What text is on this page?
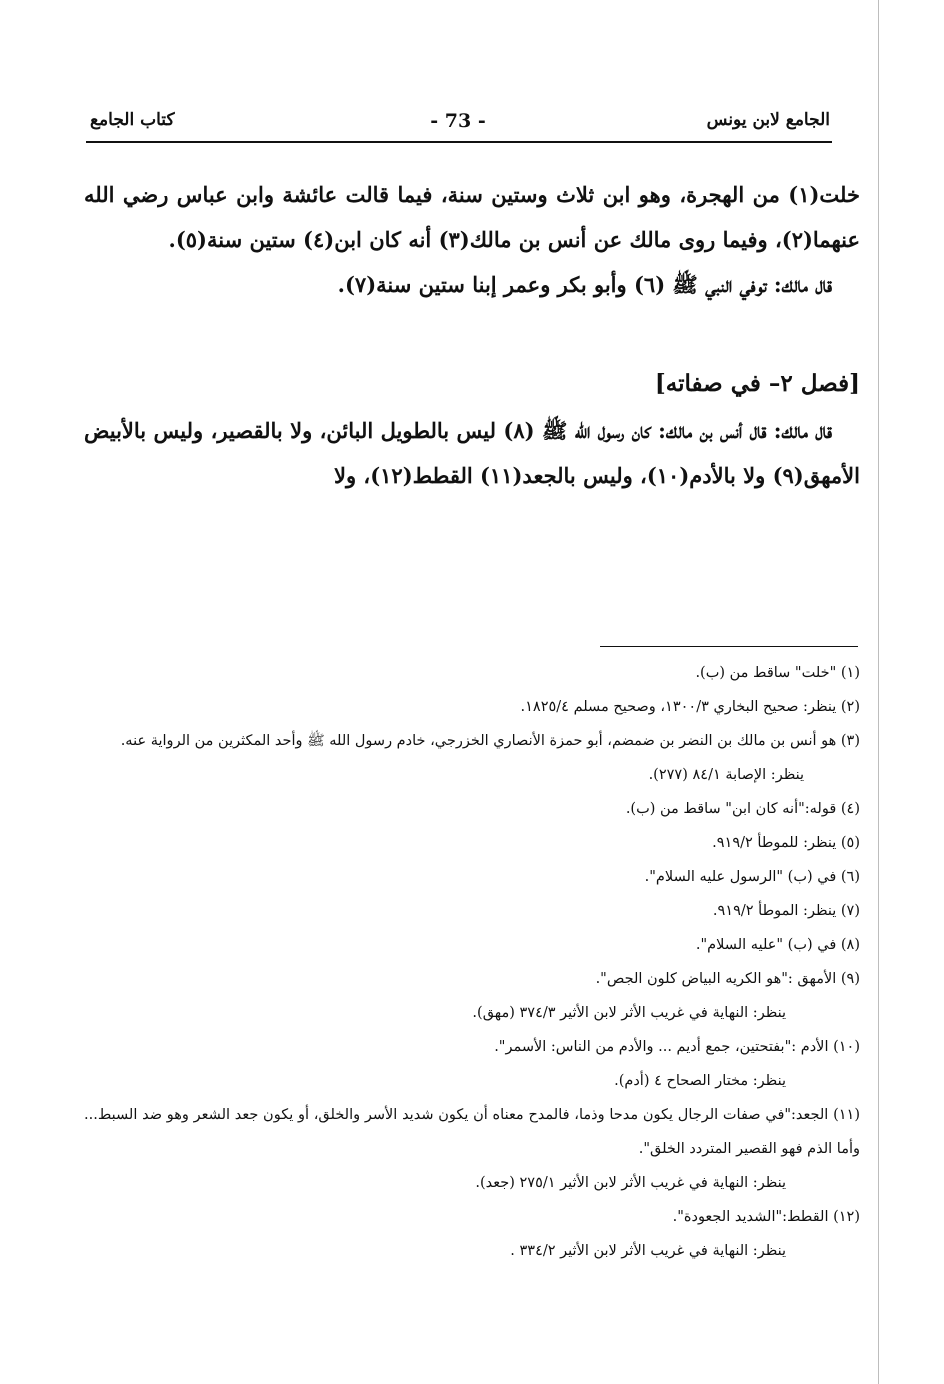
الجامع لابن يونس
- 73 -
كتاب الجامع

خلت(١) من الهجرة، وهو ابن ثلاث وستين سنة، فيما قالت عائشة وابن عباس رضي الله عنهما(٢)، وفيما روى مالك عن أنس بن مالك(٣) أنه كان ابن(٤) ستين سنة(٥).

قال مالك: توفي النبي ﷺ (٦) وأبو بكر وعمر إبنا ستين سنة(٧).

[فصل ٢– في صفاته]

قال مالك: قال أنس بن مالك: كان رسول الله ﷺ (٨) ليس بالطويل البائن، ولا بالقصير، وليس بالأبيض الأمهق(٩) ولا بالأدم(١٠)، وليس بالجعد(١١) القطط(١٢)، ولا

(١) "خلت" ساقط من (ب).

(٢) ينظر: صحيح البخاري ١٣٠٠/٣، وصحيح مسلم ١٨٢٥/٤.

(٣) هو أنس بن مالك بن النضر بن ضمضم، أبو حمزة الأنصاري الخزرجي، خادم رسول الله ﷺ وأحد المكثرين من الرواية عنه.

ينظر: الإصابة ٨٤/١ (٢٧٧).

(٤) قوله:"أنه كان ابن" ساقط من (ب).

(٥) ينظر: للموطأ ٩١٩/٢.

(٦) في (ب) "الرسول عليه السلام".

(٧) ينظر: الموطأ ٩١٩/٢.

(٨) في (ب) "عليه السلام".

(٩) الأمهق :"هو الكريه البياض كلون الجص".

ينظر: النهاية في غريب الأثر لابن الأثير ٣٧٤/٣ (مهق).

(١٠) الأدم :"بفتحتين، جمع أديم ... والأدم من الناس: الأسمر".

ينظر: مختار الصحاح ٤ (أدم).

(١١) الجعد:"في صفات الرجال يكون مدحا وذما، فالمدح معناه أن يكون شديد الأسر والخلق، أو يكون جعد الشعر وهو ضد السبط... وأما الذم فهو القصير المتردد الخلق".

ينظر: النهاية في غريب الأثر لابن الأثير ٢٧٥/١ (جعد).

(١٢) القطط:"الشديد الجعودة".

ينظر: النهاية في غريب الأثر لابن الأثير ٣٣٤/٢ .
